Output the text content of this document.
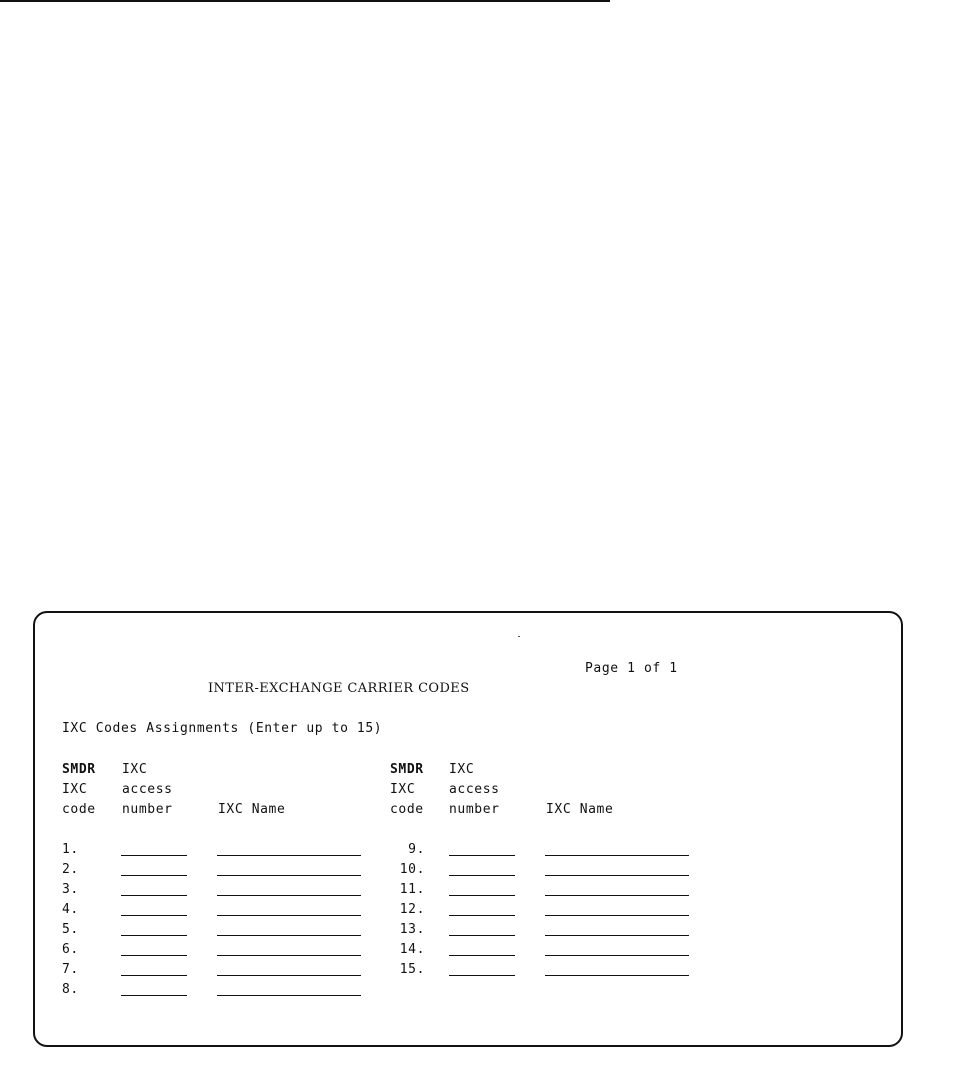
Page 1 of 1
INTER-EXCHANGE CARRIER CODES
IXC Codes Assignments (Enter up to 15)
SMDR
IXC
code
IXC
access
number	IXC Name
SMDR
IXC
code
IXC
access
number	IXC Name
1.
2.
3.
4.
5.
6.
7.
8.
9.
10.
11.
12.
13.
14.
15.
